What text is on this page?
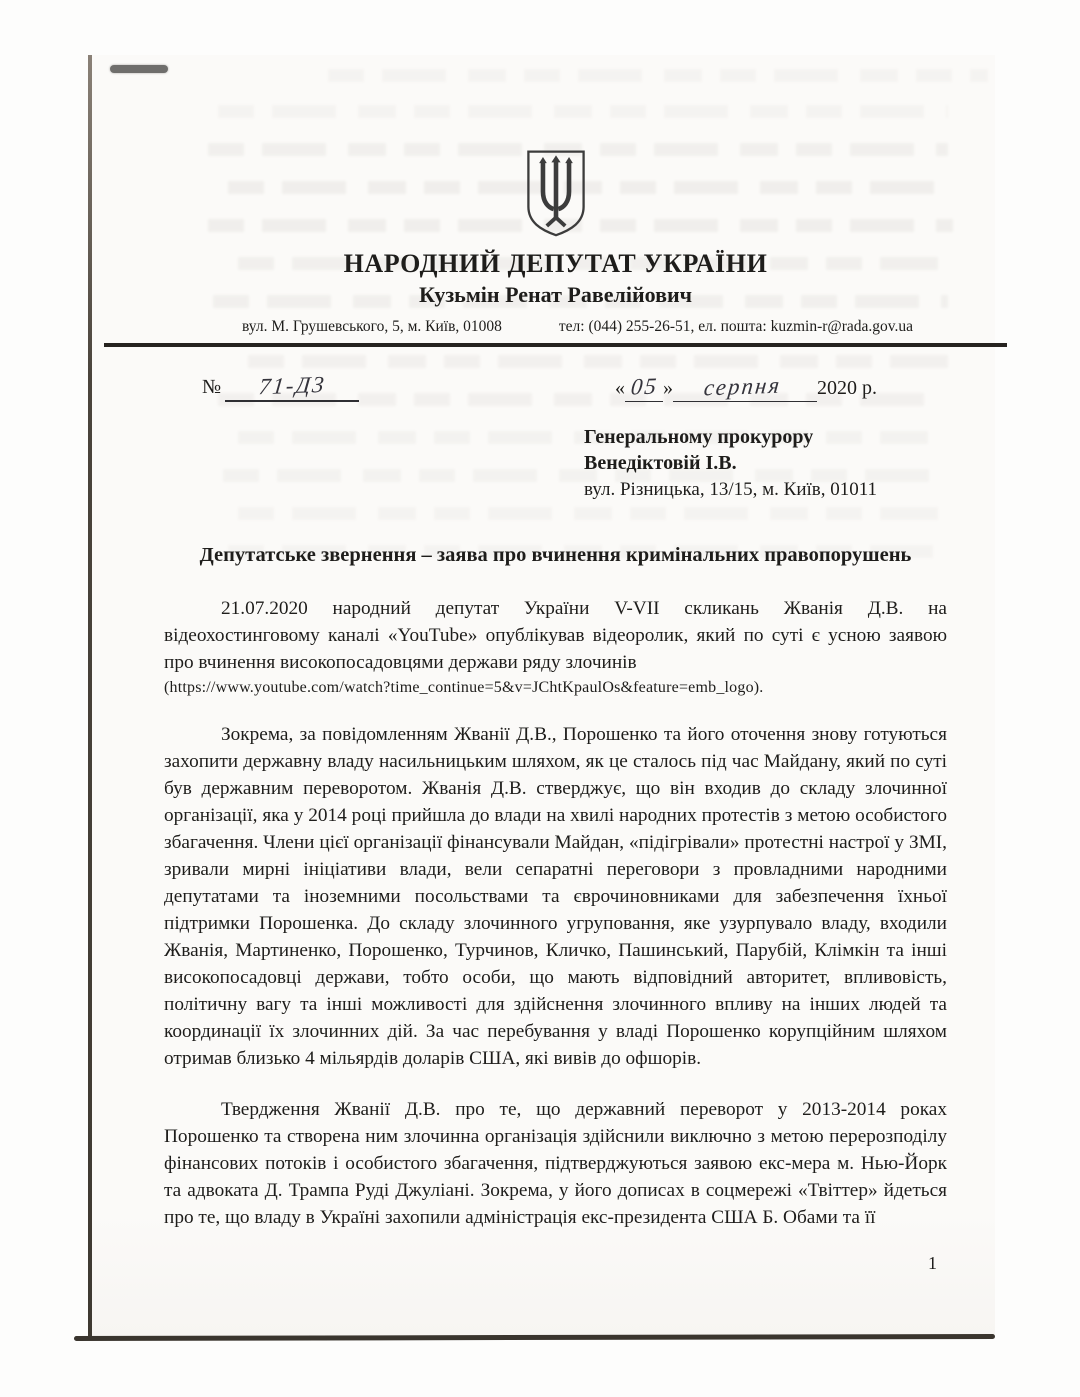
НАРОДНИЙ ДЕПУТАТ УКРАЇНИ
Кузьмін Ренат Равелійович
вул. М. Грушевського, 5, м. Київ, 01008	тел: (044) 255-26-51, ел. пошта: kuzmin-r@rada.gov.ua
№ 71-Д3	« 05 » серпня 2020 р.
Генеральному прокурору
Венедіктовій І.В.
вул. Різницька, 13/15, м. Київ, 01011
Депутатське звернення – заява про вчинення кримінальних правопорушень
21.07.2020 народний депутат України V-VII скликань Жванія Д.В. на відеохостинговому каналі «YouTube» опублікував відеоролик, який по суті є усною заявою про вчинення високопосадовцями держави ряду злочинів
(https://www.youtube.com/watch?time_continue=5&v=JChtKpaulOs&feature=emb_logo).
Зокрема, за повідомленням Жванії Д.В., Порошенко та його оточення знову готуються захопити державну владу насильницьким шляхом, як це сталось під час Майдану, який по суті був державним переворотом. Жванія Д.В. стверджує, що він входив до складу злочинної організації, яка у 2014 році прийшла до влади на хвилі народних протестів з метою особистого збагачення. Члени цієї організації фінансували Майдан, «підігрівали» протестні настрої у ЗМІ, зривали мирні ініціативи влади, вели сепаратні переговори з провладними народними депутатами та іноземними посольствами та єврочиновниками для забезпечення їхньої підтримки Порошенка. До складу злочинного угруповання, яке узурпувало владу, входили Жванія, Мартиненко, Порошенко, Турчинов, Кличко, Пашинський, Парубій, Клімкін та інші високопосадовці держави, тобто особи, що мають відповідний авторитет, впливовість, політичну вагу та інші можливості для здійснення злочинного впливу на інших людей та координації їх злочинних дій. За час перебування у владі Порошенко корупційним шляхом отримав близько 4 мільярдів доларів США, які вивів до офшорів.
Твердження Жванії Д.В. про те, що державний переворот у 2013-2014 роках Порошенко та створена ним злочинна організація здійснили виключно з метою перерозподілу фінансових потоків і особистого збагачення, підтверджуються заявою екс-мера м. Нью-Йорк та адвоката Д. Трампа Руді Джуліані. Зокрема, у його дописах в соцмережі «Твіттер» йдеться про те, що владу в Україні захопили адміністрація екс-президента США Б. Обами та її
1
